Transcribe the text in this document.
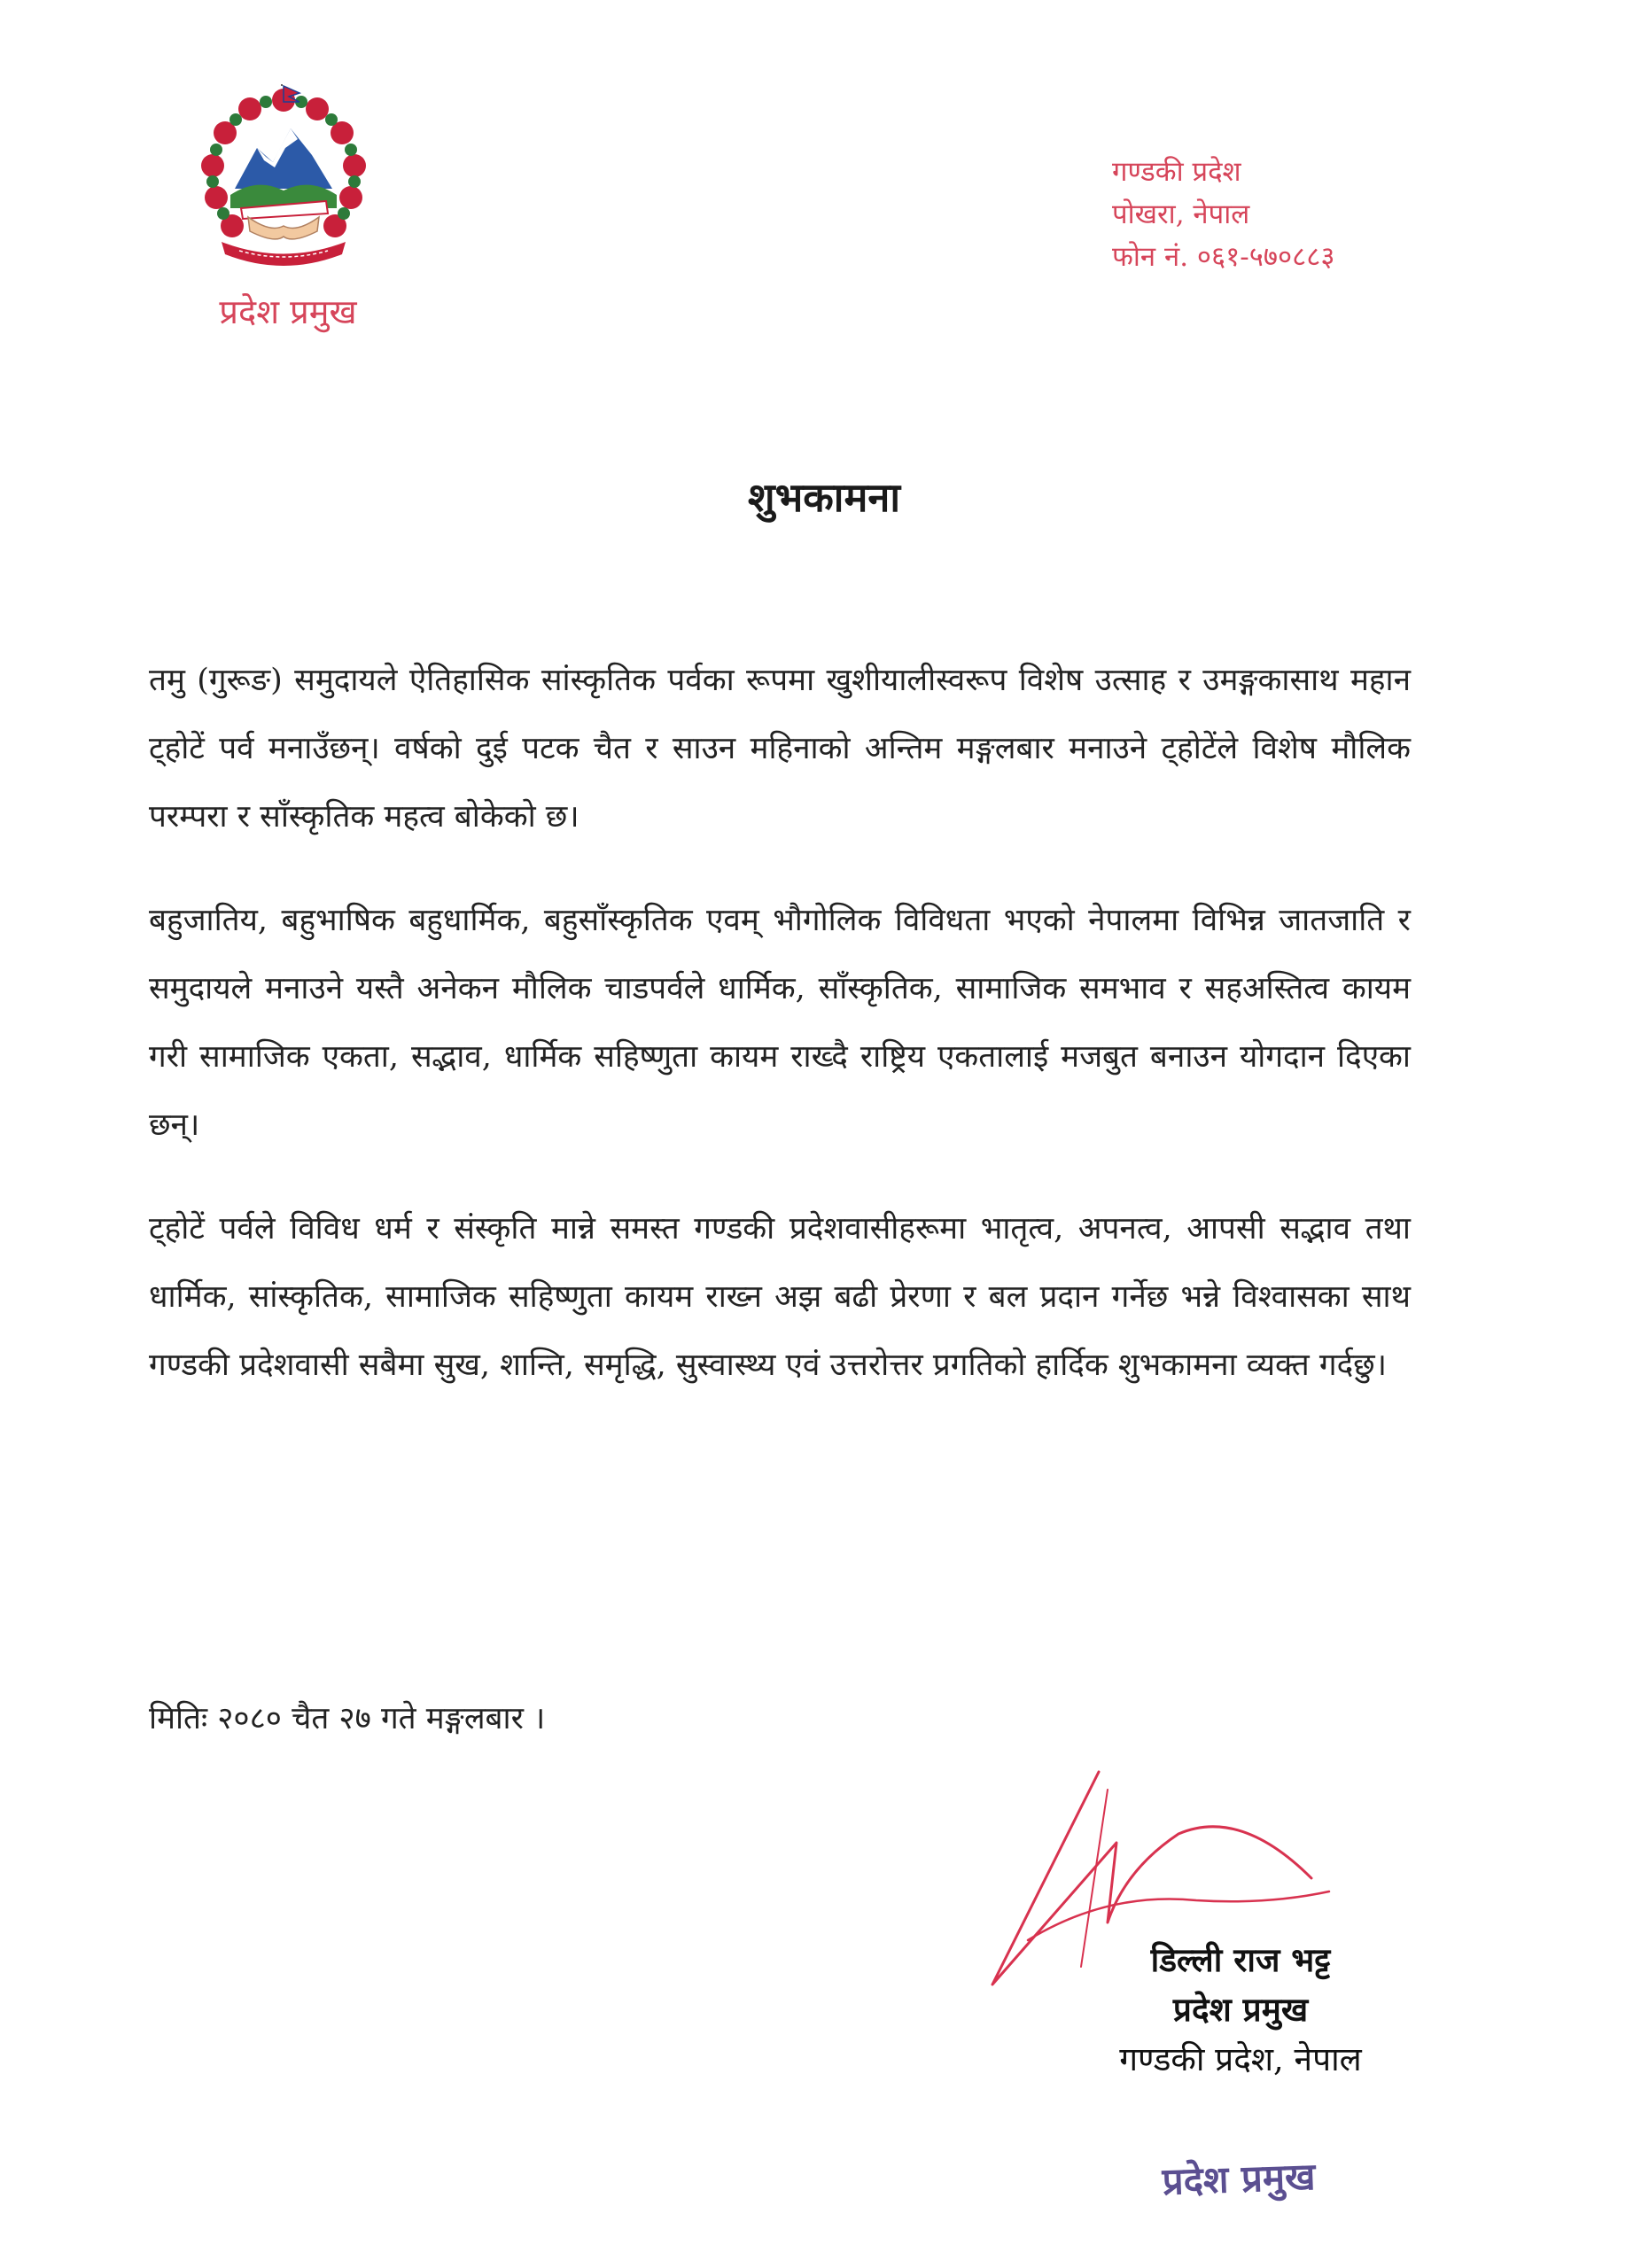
प्रदेश प्रमुख
गण्डकी प्रदेश
पोखरा, नेपाल
फोन नं. ०६१-५७०८८३
शुभकामना

तमु (गुरूङ) समुदायले ऐतिहासिक सांस्कृतिक पर्वका रूपमा खुशीयालीस्वरूप विशेष उत्साह र उमङ्गकासाथ महान ट्होटें पर्व मनाउँछन्। वर्षको दुई पटक चैत र साउन महिनाको अन्तिम मङ्गलबार मनाउने ट्होटेंले विशेष मौलिक परम्परा र साँस्कृतिक महत्व बोकेको छ।

बहुजातिय, बहुभाषिक बहुधार्मिक, बहुसाँस्कृतिक एवम् भौगोलिक विविधता भएको नेपालमा विभिन्न जातजाति र समुदायले मनाउने यस्तै अनेकन मौलिक चाडपर्वले धार्मिक, साँस्कृतिक, सामाजिक समभाव र सहअस्तित्व कायम गरी सामाजिक एकता, सद्भाव, धार्मिक सहिष्णुता कायम राख्दै राष्ट्रिय एकतालाई मजबुत बनाउन योगदान दिएका छन्।

ट्होटें पर्वले विविध धर्म र संस्कृति मान्ने समस्त गण्डकी प्रदेशवासीहरूमा भातृत्व, अपनत्व, आपसी सद्भाव तथा धार्मिक, सांस्कृतिक, सामाजिक सहिष्णुता कायम राख्न अझ बढी प्रेरणा र बल प्रदान गर्नेछ भन्ने विश्वासका साथ गण्डकी प्रदेशवासी सबैमा सुख, शान्ति, समृद्धि, सुस्वास्थ्य एवं उत्तरोत्तर प्रगतिको हार्दिक शुभकामना व्यक्त गर्दछु।

मितिः २०८० चैत २७ गते मङ्गलबार ।
डिल्ली राज भट्ट
प्रदेश प्रमुख
गण्डकी प्रदेश, नेपाल
प्रदेश प्रमुख
